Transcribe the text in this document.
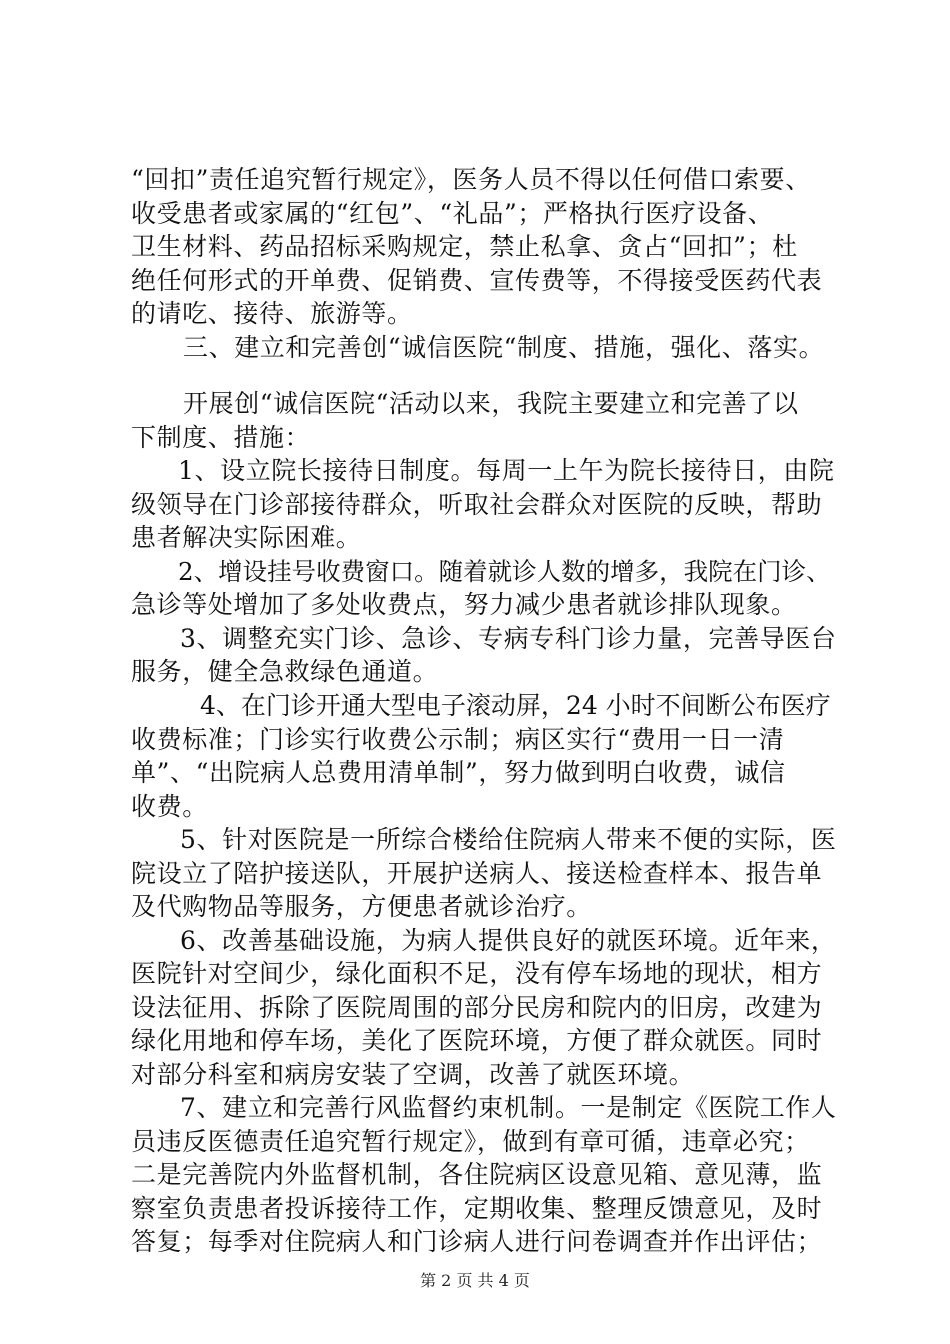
“回扣”责任追究暂行规定》，医务人员不得以任何借口索要、
收受患者或家属的“红包”、“礼品”；严格执行医疗设备、
卫生材料、药品招标采购规定，禁止私拿、贪占“回扣”；杜
绝任何形式的开单费、促销费、宣传费等，不得接受医药代表
的请吃、接待、旅游等。
三、建立和完善创“诚信医院“制度、措施，强化、落实。
开展创“诚信医院“活动以来，我院主要建立和完善了以
下制度、措施：
1、设立院长接待日制度。每周一上午为院长接待日，由院
级领导在门诊部接待群众，听取社会群众对医院的反映，帮助
患者解决实际困难。
2、增设挂号收费窗口。随着就诊人数的增多，我院在门诊、
急诊等处增加了多处收费点，努力减少患者就诊排队现象。
3、调整充实门诊、急诊、专病专科门诊力量，完善导医台
服务，健全急救绿色通道。
4、在门诊开通大型电子滚动屏，24 小时不间断公布医疗
收费标准；门诊实行收费公示制；病区实行“费用一日一清
单”、“出院病人总费用清单制”，努力做到明白收费，诚信
收费。
5、针对医院是一所综合楼给住院病人带来不便的实际，医
院设立了陪护接送队，开展护送病人、接送检查样本、报告单
及代购物品等服务，方便患者就诊治疗。
6、改善基础设施，为病人提供良好的就医环境。近年来，
医院针对空间少，绿化面积不足，没有停车场地的现状，相方
设法征用、拆除了医院周围的部分民房和院内的旧房，改建为
绿化用地和停车场，美化了医院环境，方便了群众就医。同时
对部分科室和病房安装了空调，改善了就医环境。
7、建立和完善行风监督约束机制。一是制定《医院工作人
员违反医德责任追究暂行规定》，做到有章可循，违章必究；
二是完善院内外监督机制，各住院病区设意见箱、意见薄，监
察室负责患者投诉接待工作，定期收集、整理反馈意见，及时
答复；每季对住院病人和门诊病人进行问卷调查并作出评估；
第 2 页 共 4 页
